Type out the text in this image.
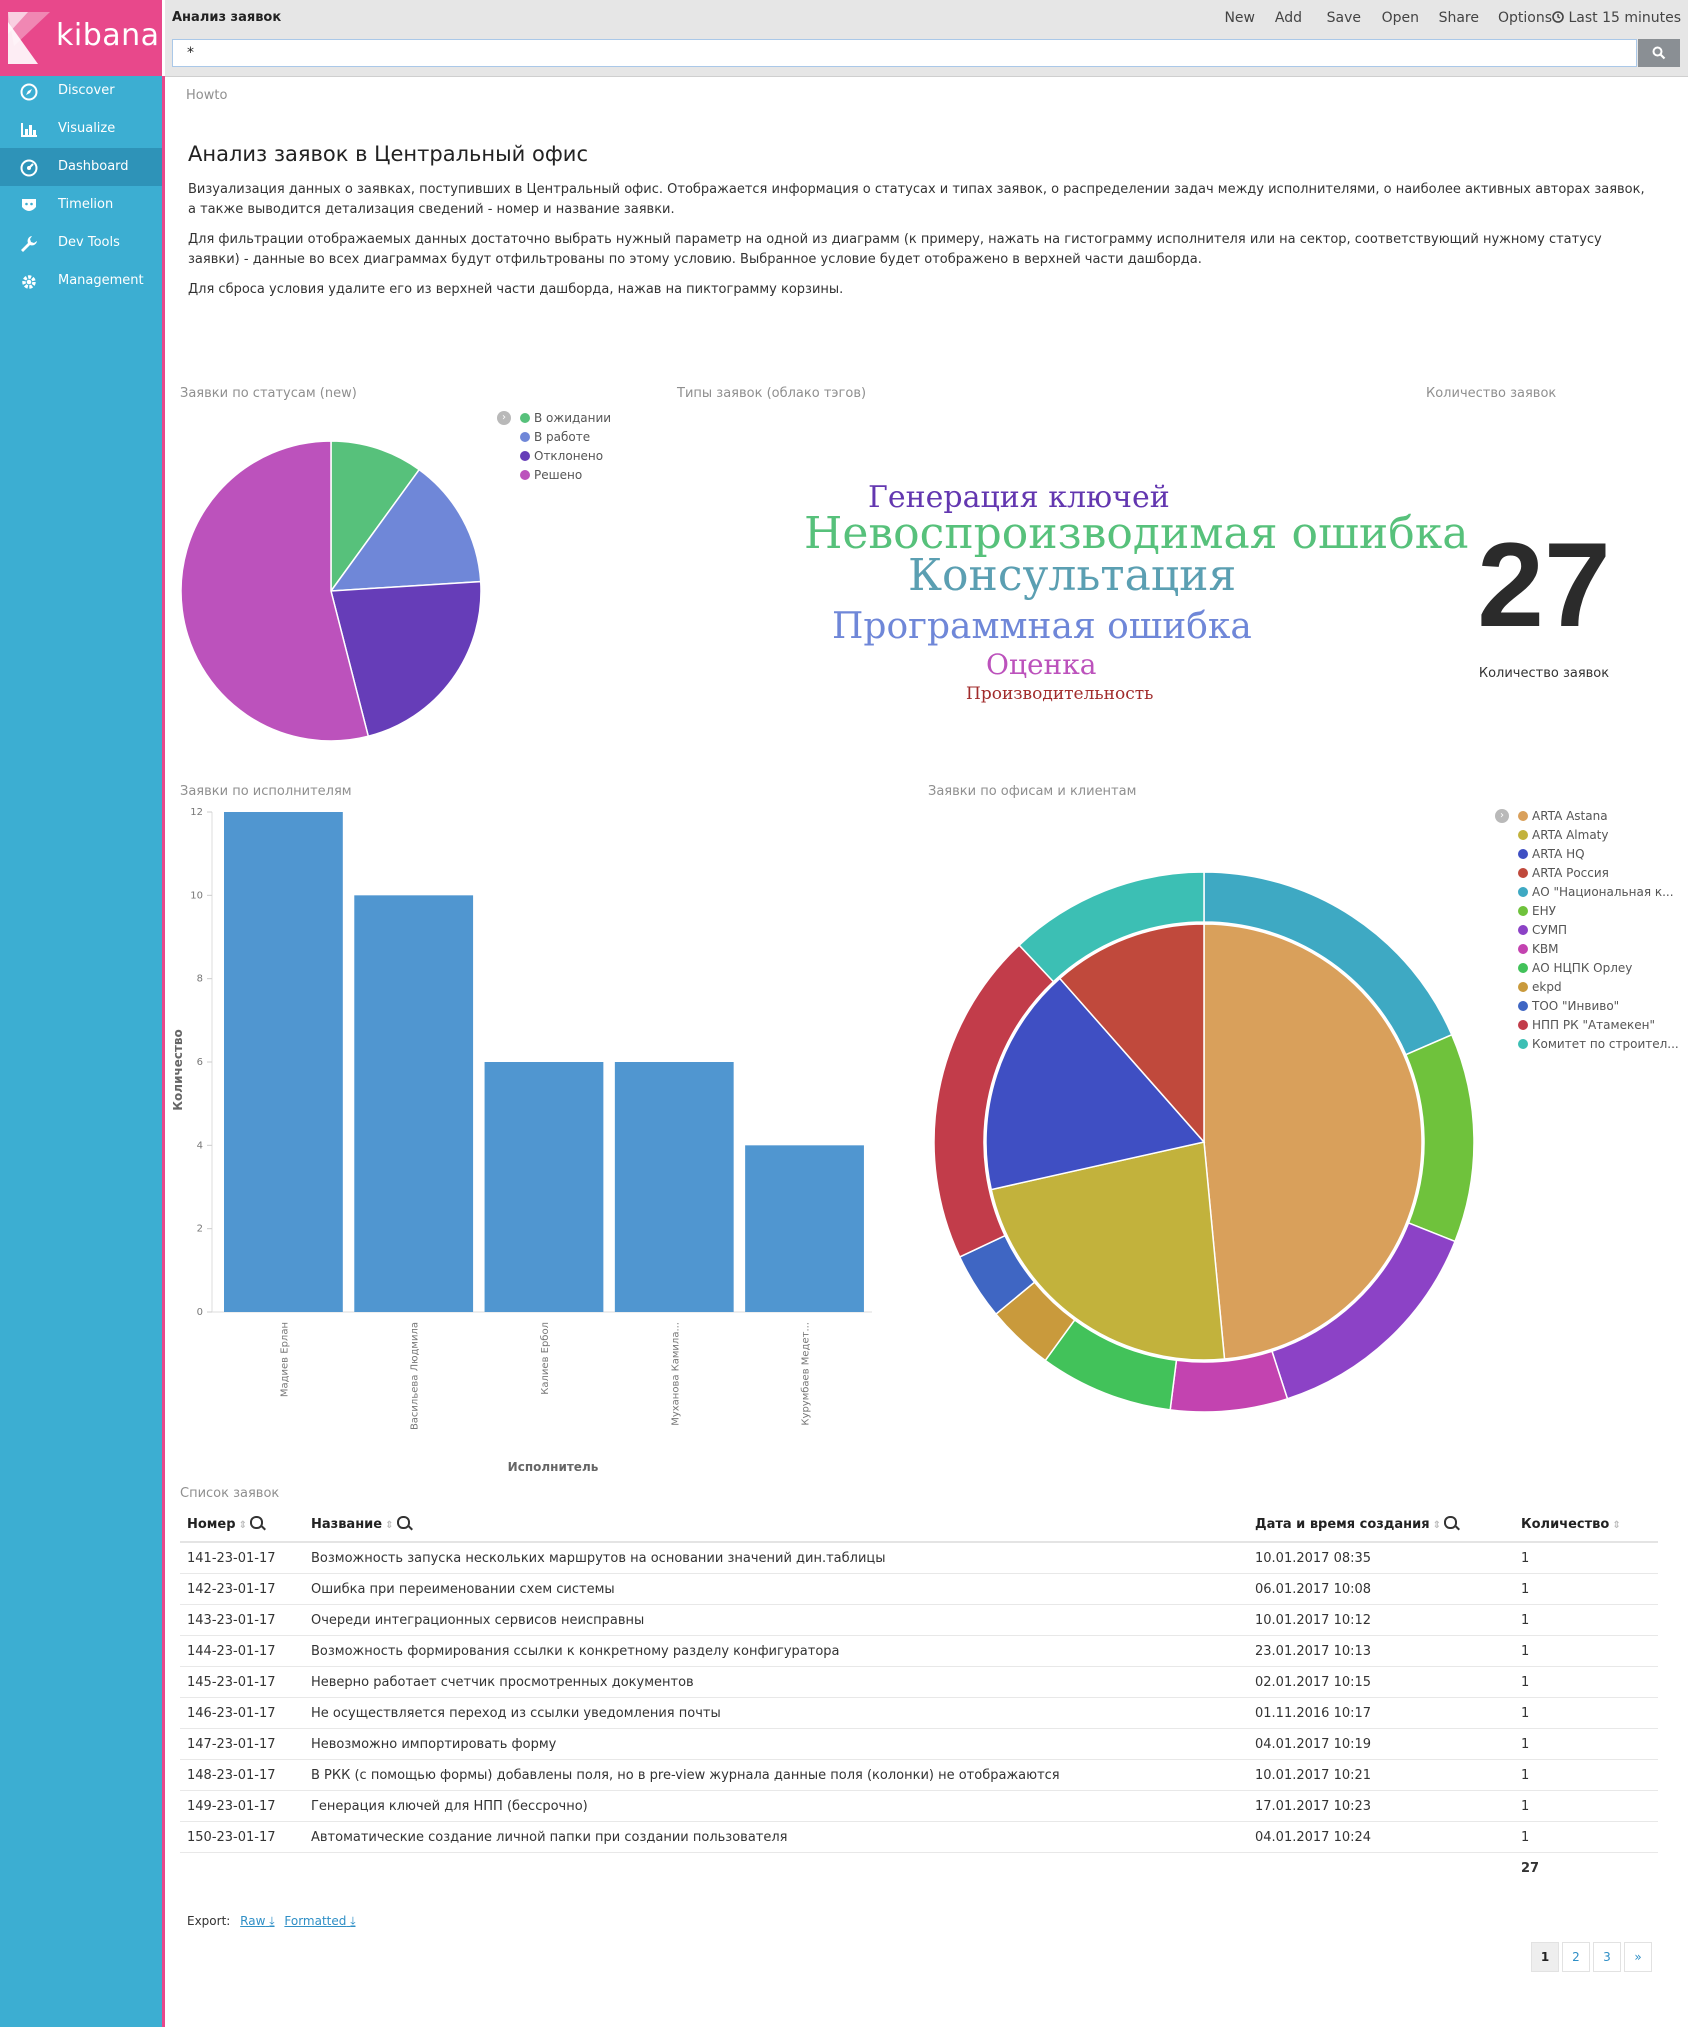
kibana
Discover
Visualize
Dashboard
Timelion
Dev Tools
Management
Анализ заявок	New Add Save Open Share Options	Last 15 minutes
*
Howto
Анализ заявок в Центральный офис
Визуализация данных о заявках, поступивших в Центральный офис. Отображается информация о статусах и типах заявок, о распределении задач между исполнителями, о наиболее активных авторах заявок, а также выводится детализация сведений - номер и название заявки.
Для фильтрации отображаемых данных достаточно выбрать нужный параметр на одной из диаграмм (к примеру, нажать на гистограмму исполнителя или на сектор, соответствующий нужному статусу заявки) - данные во всех диаграммах будут отфильтрованы по этому условию. Выбранное условие будет отображено в верхней части дашборда.
Для сброса условия удалите его из верхней части дашборда, нажав на пиктограмму корзины.
Заявки по статусам (new)
›	В ожидании
В работе
Отклонено
Решено
Типы заявок (облако тэгов)
Генерация ключей
Невоспроизводимая ошибка
Консультация
Программная ошибка
Оценка
Производительность
Количество заявок
27
Количество заявок
Заявки по исполнителям
0
2
4
6
8
10
12
Мадиев Ерлан	Васильева Людмила	Калиев Ербол	Муханова Камила...	Курумбаев Медет...
Исполнитель
Количество
Заявки по офисам и клиентам
›	ARTA Astana
ARTA Almaty
ARTA HQ
ARTA Россия
АО "Национальная к...
ЕНУ
СУМП
KBM
АО НЦПК Орлеу
ekpd
ТОО "Инвиво"
НПП РК "Атамекен"
Комитет по строител...
Список заявок
Номер ⇕	Название ⇕	Дата и время создания ⇕	Количество ⇕
141-23-01-17	Возможность запуска нескольких маршрутов на основании значений дин.таблицы	10.01.2017 08:35	1
142-23-01-17	Ошибка при переименовании схем системы	06.01.2017 10:08	1
143-23-01-17	Очереди интеграционных сервисов неисправны	10.01.2017 10:12	1
144-23-01-17	Возможность формирования ссылки к конкретному разделу конфигуратора	23.01.2017 10:13	1
145-23-01-17	Неверно работает счетчик просмотренных документов	02.01.2017 10:15	1
146-23-01-17	Не осуществляется переход из ссылки уведомления почты	01.11.2016 10:17	1
147-23-01-17	Невозможно импортировать форму	04.01.2017 10:19	1
148-23-01-17	В РКК (с помощью формы) добавлены поля, но в pre-view журнала данные поля (колонки) не отображаются	10.01.2017 10:21	1
149-23-01-17	Генерация ключей для НПП (бессрочно)	17.01.2017 10:23	1
150-23-01-17	Автоматические создание личной папки при создании пользователя	04.01.2017 10:24	1
			27
Export: Raw ⤓ Formatted ⤓
1	2	3	»
